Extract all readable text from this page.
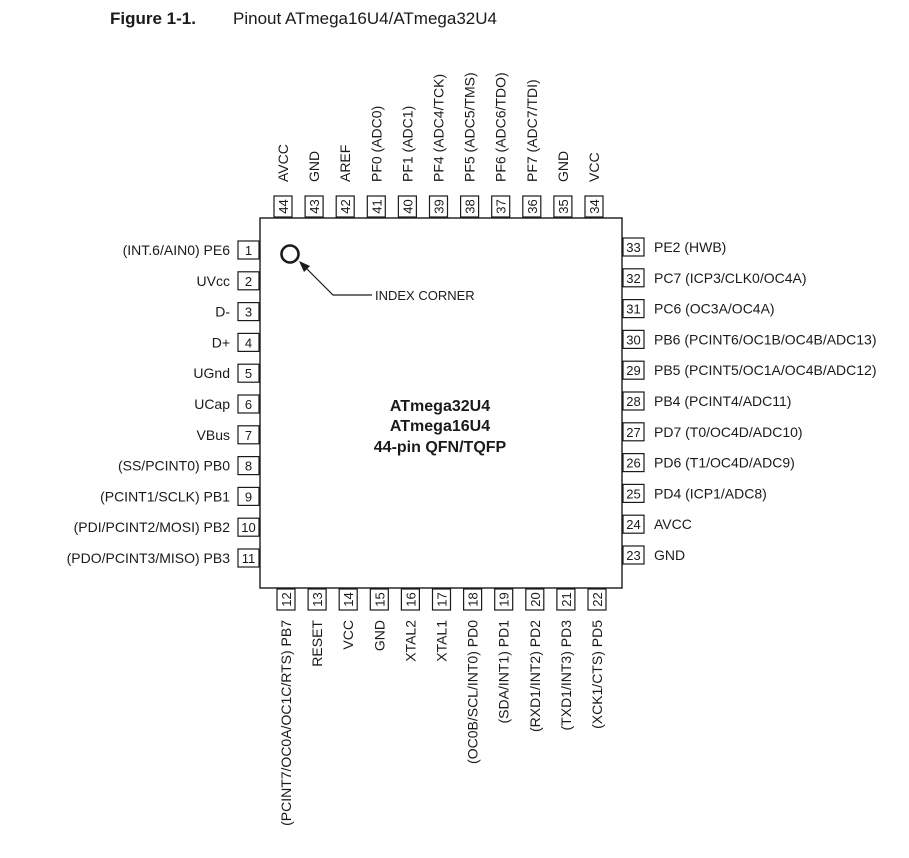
Figure 1-1. Pinout ATmega16U4/ATmega32U4
INDEX CORNER
ATmega32U4
ATmega16U4
44-pin QFN/TQFP
1
(INT.6/AIN0) PE6
2
UVcc
3
D-
4
D+
5
UGnd
6
UCap
7
VBus
8
(SS/PCINT0) PB0
9
(PCINT1/SCLK) PB1
10
(PDI/PCINT2/MOSI) PB2
11
(PDO/PCINT3/MISO) PB3
12
(PCINT7/OC0A/OC1C/RTS) PB7
13
RESET
14
VCC
15
GND
16
XTAL2
17
XTAL1
18
(OC0B/SCL/INT0) PD0
19
(SDA/INT1) PD1
20
(RXD1/INT2) PD2
21
(TXD1/INT3) PD3
22
(XCK1/CTS) PD5
23 GND
24 AVCC
25 PD4 (ICP1/ADC8)
26 PD6 (T1/OC4D/ADC9)
27 PD7 (T0/OC4D/ADC10)
28 PB4 (PCINT4/ADC11)
29 PB5 (PCINT5/OC1A/OC4B/ADC12)
30 PB6 (PCINT6/OC1B/OC4B/ADC13)
31 PC6 (OC3A/OC4A)
32 PC7 (ICP3/CLK0/OC4A)
33 PE2 (HWB)
34
VCC
35
GND
36
PF7 (ADC7/TDI)
37
PF6 (ADC6/TDO)
38
PF5 (ADC5/TMS)
39
PF4 (ADC4/TCK)
40
PF1 (ADC1)
41
PF0 (ADC0)
42
AREF
43
GND
44
AVCC
